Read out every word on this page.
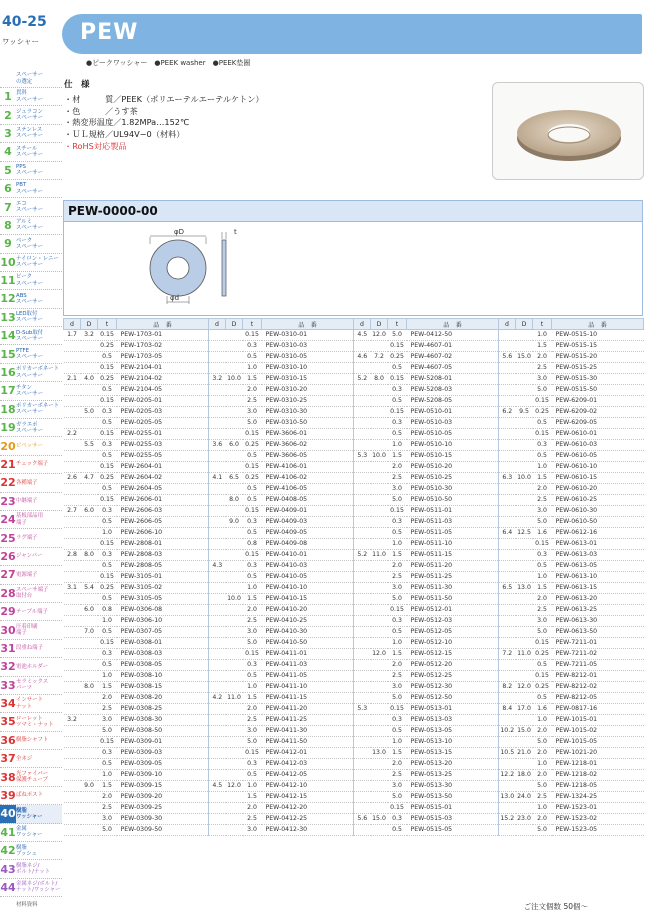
40-25
ワッシャー PEW
●ピークワッシャー　●PEEK washer　●PEEK垫圈
スペーサー
の選定
1 貫斜
スペーサー
2 ジュラコン
スペーサー
3 ステンレス
スペーサー
4 スチール
スペーサー
5 PPS
スペーサー
6 PBT
スペーサー
7 エコ
スペーサー
8 アルミ
スペーサー
9 ベーク
スペーサー
10 ナイロン・レニー
スペーサー
11 ピーク
スペーサー
12 ABS
スペーサー
13 LED取付
スペーサー
14 D-Sub取付
スペーサー
15 PTFE
スペーサー
16 ポリカーボネート
スペーサー
17 チタン
スペーサー
18 ポリカーボネート
スペーサー
19 ガラエポ
スペーサー
20 ビペッサー
21 チェック端子
22 各種端子
23 中継端子
24 基板部品用
端子
25 ラグ端子
26 ジャンパー
27 電源端子
28 スペーサ端子
取付台
29 テーブル端子
30 圧着印刷
端子
31 段重ね端子
32 電池ホルダー
33 セラミックス
パーツ
34 インサート
ナット
35 ローレット
ツマミ・ナット
36 樹脂シャフト
37 全ネジ
38 光ファイバー
保護チューブ
39 ばねポスト
40 樹脂
ワッシャー
41 金属
ワッシャー
42 樹脂
ブッシュ
43 樹脂ネジ/
ボルト/ナット
44 金属ネジ/ボルト/
ナット/ワッシャー
材料資料
仕　様
・材　　　質／PEEK（ポリエーテルエーテルケトン）
・色　　　／うす茶
・熱変形温度／1.82MPa…152℃
・ＵＬ規格／UL94V−0（材料）
・RoHS対応製品
PEW-0000-00
φD
φd
t
d	D	t	品　番	d	D	t	品　番	d	D	t	品　番	d	D	t	品　番
1.7	3.2	0.15	PEW-1703-01			0.15	PEW-0310-01	4.5	12.0	5.0	PEW-0412-50			1.0	PEW-0515-10
		0.25	PEW-1703-02			0.3	PEW-0310-03			0.15	PEW-4607-01			1.5	PEW-0515-15
		0.5	PEW-1703-05			0.5	PEW-0310-05	4.6	7.2	0.25	PEW-4607-02	5.6	15.0	2.0	PEW-0515-20
		0.15	PEW-2104-01			1.0	PEW-0310-10			0.5	PEW-4607-05			2.5	PEW-0515-25
2.1	4.0	0.25	PEW-2104-02	3.2	10.0	1.5	PEW-0310-15	5.2	8.0	0.15	PEW-5208-01			3.0	PEW-0515-30
		0.5	PEW-2104-05			2.0	PEW-0310-20			0.3	PEW-5208-03			5.0	PEW-0515-50
		0.15	PEW-0205-01			2.5	PEW-0310-25			0.5	PEW-5208-05			0.15	PEW-6209-01
	5.0	0.3	PEW-0205-03			3.0	PEW-0310-30			0.15	PEW-0510-01	6.2	9.5	0.25	PEW-6209-02
		0.5	PEW-0205-05			5.0	PEW-0310-50			0.3	PEW-0510-03			0.5	PEW-6209-05
2.2		0.15	PEW-0255-01			0.15	PEW-3606-01			0.5	PEW-0510-05			0.15	PEW-0610-01
	5.5	0.3	PEW-0255-03	3.6	6.0	0.25	PEW-3606-02			1.0	PEW-0510-10			0.3	PEW-0610-03
		0.5	PEW-0255-05			0.5	PEW-3606-05	5.3	10.0	1.5	PEW-0510-15			0.5	PEW-0610-05
		0.15	PEW-2604-01			0.15	PEW-4106-01			2.0	PEW-0510-20			1.0	PEW-0610-10
2.6	4.7	0.25	PEW-2604-02	4.1	6.5	0.25	PEW-4106-02			2.5	PEW-0510-25	6.3	10.0	1.5	PEW-0610-15
		0.5	PEW-2604-05			0.5	PEW-4106-05			3.0	PEW-0510-30			2.0	PEW-0610-20
		0.15	PEW-2606-01		8.0	0.5	PEW-0408-05			5.0	PEW-0510-50			2.5	PEW-0610-25
2.7	6.0	0.3	PEW-2606-03			0.15	PEW-0409-01			0.15	PEW-0511-01			3.0	PEW-0610-30
		0.5	PEW-2606-05		9.0	0.3	PEW-0409-03			0.3	PEW-0511-03			5.0	PEW-0610-50
		1.0	PEW-2606-10			0.5	PEW-0409-05			0.5	PEW-0511-05	6.4	12.5	1.6	PEW-0612-16
		0.15	PEW-2808-01			0.8	PEW-0409-08			1.0	PEW-0511-10			0.15	PEW-0613-01
2.8	8.0	0.3	PEW-2808-03			0.15	PEW-0410-01	5.2	11.0	1.5	PEW-0511-15			0.3	PEW-0613-03
		0.5	PEW-2808-05	4.3		0.3	PEW-0410-03			2.0	PEW-0511-20			0.5	PEW-0613-05
		0.15	PEW-3105-01			0.5	PEW-0410-05			2.5	PEW-0511-25			1.0	PEW-0613-10
3.1	5.4	0.25	PEW-3105-02			1.0	PEW-0410-10			3.0	PEW-0511-30	6.5	13.0	1.5	PEW-0613-15
		0.5	PEW-3105-05		10.0	1.5	PEW-0410-15			5.0	PEW-0511-50			2.0	PEW-0613-20
	6.0	0.8	PEW-0306-08			2.0	PEW-0410-20			0.15	PEW-0512-01			2.5	PEW-0613-25
		1.0	PEW-0306-10			2.5	PEW-0410-25			0.3	PEW-0512-03			3.0	PEW-0613-30
	7.0	0.5	PEW-0307-05			3.0	PEW-0410-30			0.5	PEW-0512-05			5.0	PEW-0613-50
		0.15	PEW-0308-01			5.0	PEW-0410-50			1.0	PEW-0512-10			0.15	PEW-7211-01
		0.3	PEW-0308-03			0.15	PEW-0411-01		12.0	1.5	PEW-0512-15	7.2	11.0	0.25	PEW-7211-02
		0.5	PEW-0308-05			0.3	PEW-0411-03			2.0	PEW-0512-20			0.5	PEW-7211-05
		1.0	PEW-0308-10			0.5	PEW-0411-05			2.5	PEW-0512-25			0.15	PEW-8212-01
	8.0	1.5	PEW-0308-15			1.0	PEW-0411-10			3.0	PEW-0512-30	8.2	12.0	0.25	PEW-8212-02
		2.0	PEW-0308-20	4.2	11.0	1.5	PEW-0411-15			5.0	PEW-0512-50			0.5	PEW-8212-05
		2.5	PEW-0308-25			2.0	PEW-0411-20	5.3		0.15	PEW-0513-01	8.4	17.0	1.6	PEW-0817-16
3.2		3.0	PEW-0308-30			2.5	PEW-0411-25			0.3	PEW-0513-03			1.0	PEW-1015-01
		5.0	PEW-0308-50			3.0	PEW-0411-30			0.5	PEW-0513-05	10.2	15.0	2.0	PEW-1015-02
		0.15	PEW-0309-01			5.0	PEW-0411-50			1.0	PEW-0513-10			5.0	PEW-1015-05
		0.3	PEW-0309-03			0.15	PEW-0412-01		13.0	1.5	PEW-0513-15	10.5	21.0	2.0	PEW-1021-20
		0.5	PEW-0309-05			0.3	PEW-0412-03			2.0	PEW-0513-20			1.0	PEW-1218-01
		1.0	PEW-0309-10			0.5	PEW-0412-05			2.5	PEW-0513-25	12.2	18.0	2.0	PEW-1218-02
	9.0	1.5	PEW-0309-15	4.5	12.0	1.0	PEW-0412-10			3.0	PEW-0513-30			5.0	PEW-1218-05
		2.0	PEW-0309-20			1.5	PEW-0412-15			5.0	PEW-0513-50	13.0	24.0	2.5	PEW-1324-25
		2.5	PEW-0309-25			2.0	PEW-0412-20			0.15	PEW-0515-01			1.0	PEW-1523-01
		3.0	PEW-0309-30			2.5	PEW-0412-25	5.6	15.0	0.3	PEW-0515-03	15.2	23.0	2.0	PEW-1523-02
		5.0	PEW-0309-50			3.0	PEW-0412-30			0.5	PEW-0515-05			5.0	PEW-1523-05
ご注文個数 50個〜
